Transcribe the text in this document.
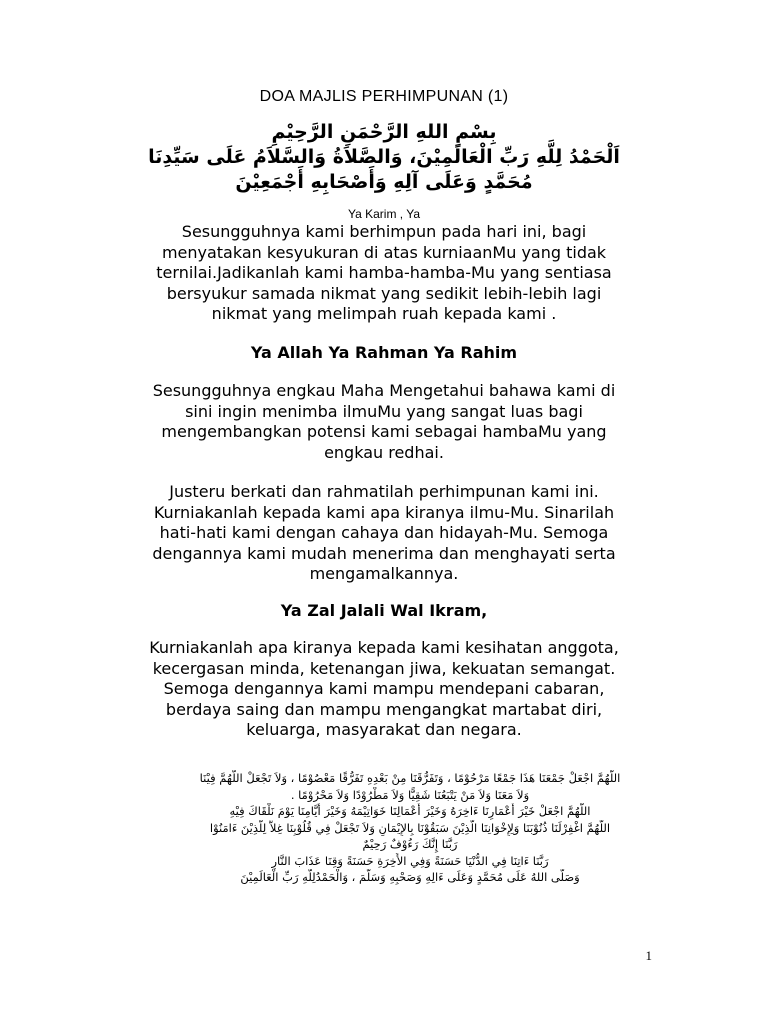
DOA MAJLIS PERHIMPUNAN (1)
بِسْمِ اللهِ الرَّحْمَنِ الرَّحِيْمِ
اَلْحَمْدُ لِلَّهِ رَبِّ الْعَالَمِيْنَ، وَالصَّلاَةُ وَالسَّلاَمُ عَلَى سَيِّدِنَا
مُحَمَّدٍ وَعَلَى آلِهِ وَأَصْحَابِهِ أَجْمَعِيْنَ
Ya Karim , Ya
Sesungguhnya kami berhimpun pada hari ini, bagi
menyatakan kesyukuran di atas kurniaanMu yang tidak
ternilai.Jadikanlah kami hamba-hamba-Mu yang sentiasa
bersyukur samada nikmat yang sedikit lebih-lebih lagi
nikmat yang melimpah ruah kepada kami .
Ya Allah Ya Rahman Ya Rahim
Sesungguhnya engkau Maha Mengetahui bahawa kami di
sini ingin menimba ilmuMu yang sangat luas bagi
mengembangkan potensi kami sebagai hambaMu yang
engkau redhai.
Justeru berkati dan rahmatilah perhimpunan kami ini.
Kurniakanlah kepada kami apa kiranya ilmu-Mu. Sinarilah
hati-hati kami dengan cahaya dan hidayah-Mu. Semoga
dengannya kami mudah menerima dan menghayati serta
mengamalkannya.
Ya Zal Jalali Wal Ikram,
Kurniakanlah apa kiranya kepada kami kesihatan anggota,
kecergasan minda, ketenangan jiwa, kekuatan semangat.
Semoga dengannya kami mampu mendepani cabaran,
berdaya saing dan mampu mengangkat martabat diri,
keluarga, masyarakat dan negara.
اللَّهُمَّ اجْعَلْ جَمْعَنَا هَذَا جَمْعًا مَرْحُوْمًا ، وَتَفَرُّقَنَا مِنْ بَعْدِهِ تَفَرُّقًا مَعْصُوْمًا ، وَلاَ تَجْعَلْ اللَّهُمَّ فِيْنَا
وَلاَ مَعَنَا وَلاَ مَنْ يَتْبَعُنَا شَقِيًّا وَلاَ مَطْرُوْدًا وَلاَ مَحْرُوْمًا .
اللَّهُمَّ اجْعَلْ خَيْرَ أَعْمَارِنَا ءَاخِرَهُ وَخَيْرَ أَعْمَالِنَا خَوَاتِيْمَهُ وَخَيْرَ أَيَّامِنَا يَوْمَ نَلْقَاكَ فِيْهِ
اللَّهُمَّ اغْفِرْلَنَا ذُنُوْبَنَا وَلِإِخْوَانِنَا الَّذِيْنَ سَبَقُوْنَا بِالإِيْمَانِ وَلاَ تَجْعَلْ فِي قُلُوْبِنَا غِلاًّ لِلَّذِيْنَ ءَامَنُوْا
رَبَّنَا إِنَّكَ رَءُوْفٌ رَحِيْمٌ
رَبَّنَا ءَاتِنَا فِي الدُّنْيَا حَسَنَةً وَفِي الأَخِرَةِ حَسَنَةً وَقِنَا عَذَابَ النَّارِ
وَصَلَّى اللهُ عَلَى مُحَمَّدٍ وَعَلَى ءَالِهِ وَصَحْبِهِ وَسَلَّمَ ، وَالْحَمْدُلِلَّهِ رَبِّ الْعَالَمِيْنَ
1
